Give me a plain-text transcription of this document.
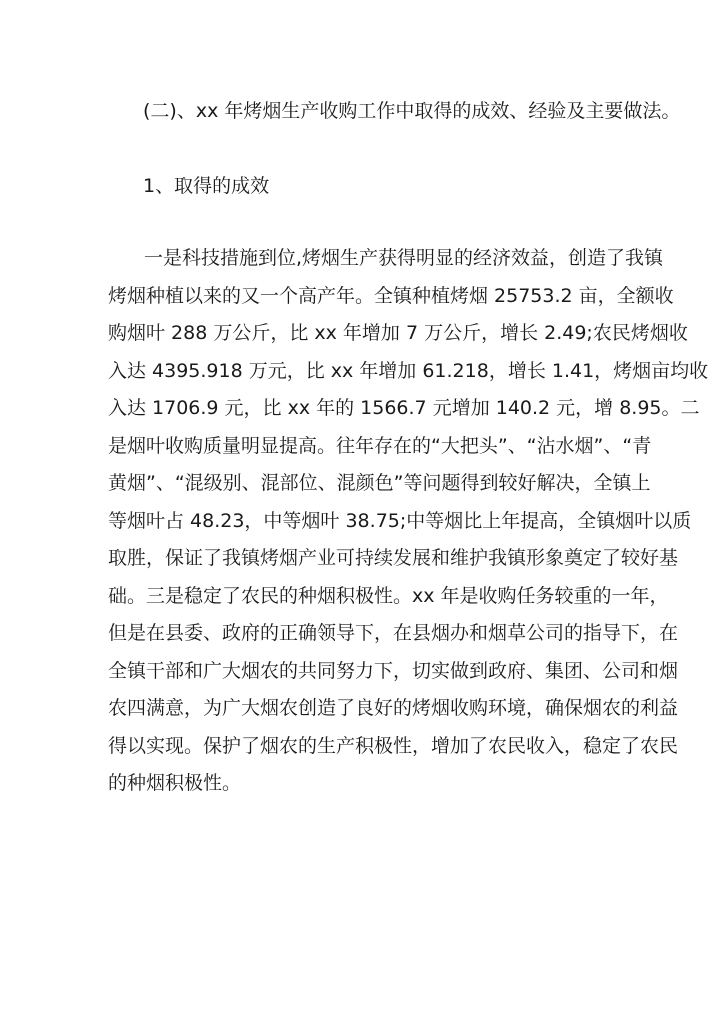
(二)、xx 年烤烟生产收购工作中取得的成效、经验及主要做法。
1、取得的成效
一是科技措施到位,烤烟生产获得明显的经济效益，创造了我镇
烤烟种植以来的又一个高产年。全镇种植烤烟 25753.2 亩，全额收
购烟叶 288 万公斤，比 xx 年增加 7 万公斤，增长 2.49;农民烤烟收
入达 4395.918 万元，比 xx 年增加 61.218，增长 1.41，烤烟亩均收
入达 1706.9 元，比 xx 年的 1566.7 元增加 140.2 元，增 8.95。二
是烟叶收购质量明显提高。往年存在的“大把头”、“沾水烟”、“青
黄烟”、“混级别、混部位、混颜色”等问题得到较好解决，全镇上
等烟叶占 48.23，中等烟叶 38.75;中等烟比上年提高，全镇烟叶以质
取胜，保证了我镇烤烟产业可持续发展和维护我镇形象奠定了较好基
础。三是稳定了农民的种烟积极性。xx 年是收购任务较重的一年，
但是在县委、政府的正确领导下，在县烟办和烟草公司的指导下，在
全镇干部和广大烟农的共同努力下，切实做到政府、集团、公司和烟
农四满意，为广大烟农创造了良好的烤烟收购环境，确保烟农的利益
得以实现。保护了烟农的生产积极性，增加了农民收入，稳定了农民
的种烟积极性。
